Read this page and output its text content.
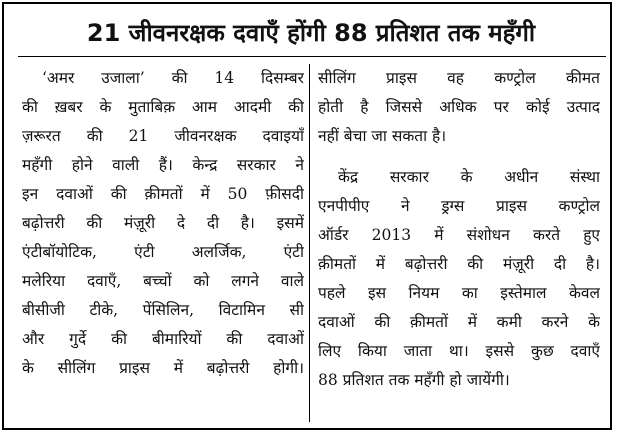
21 जीवनरक्षक दवाएँ होंगी 88 प्रतिशत तक महँगी
‘अमर उजाला’ की 14 दिसम्बर
की ख़बर के मुताबिक़ आम आदमी की
ज़रूरत की 21 जीवनरक्षक दवाइयाँ
महँगी होने वाली हैं। केन्द्र सरकार ने
इन दवाओं की क़ीमतों में 50 फ़ीसदी
बढ़ोत्तरी की मंज़ूरी दे दी है। इसमें
एंटीबॉयोटिक, एंटी अलर्जिक, एंटी
मलेरिया दवाएँ, बच्चों को लगने वाले
बीसीजी टीके, पेंसिलिन, विटामिन सी
और गुर्दे की बीमारियों की दवाओं
के सीलिंग प्राइस में बढ़ोत्तरी होगी।
सीलिंग प्राइस वह कण्ट्रोल कीमत
होती है जिससे अधिक पर कोई उत्पाद
नहीं बेचा जा सकता है।
केंद्र सरकार के अधीन संस्था
एनपीपीए ने ड्रग्स प्राइस कण्ट्रोल
ऑर्डर 2013 में संशोधन करते हुए
क़ीमतों में बढ़ोत्तरी की मंज़ूरी दी है।
पहले इस नियम का इस्तेमाल केवल
दवाओं की क़ीमतों में कमी करने के
लिए किया जाता था। इससे कुछ दवाएँ
88 प्रतिशत तक महँगी हो जायेंगी।
